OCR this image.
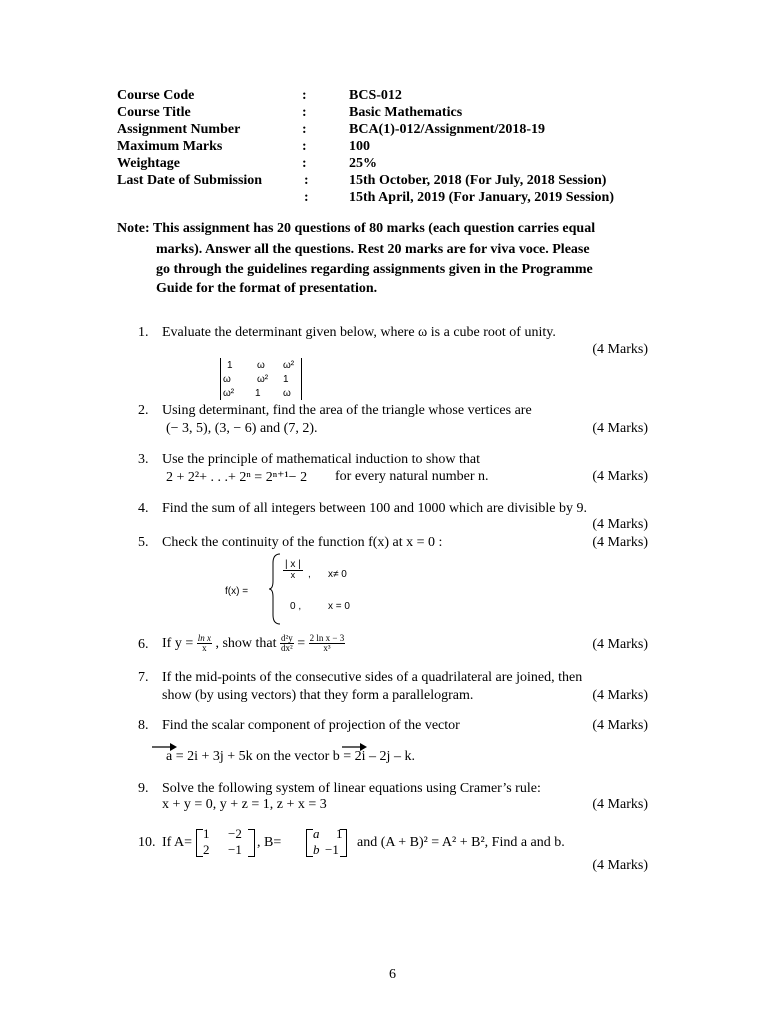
Course Code	:	BCS-012
Course Title	:	Basic Mathematics
Assignment Number	:	BCA(1)-012/Assignment/2018-19
Maximum Marks	:	100
Weightage	:	25%
Last Date of Submission	:	15th October, 2018 (For July, 2018 Session)
:	15th April, 2019 (For January, 2019 Session)
Note: This assignment has 20 questions of 80 marks (each question carries equal
marks). Answer all the questions. Rest 20 marks are for viva voce. Please
go through the guidelines regarding assignments given in the Programme
Guide for the format of presentation.
1. Evaluate the determinant given below, where ω is a cube root of unity.
(4 Marks)
1 ω ω²
ω	ω² 1
ω² 1 ω
2. Using determinant, find the area of the triangle whose vertices are
(− 3, 5), (3, − 6) and (7, 2).	(4 Marks)
3. Use the principle of mathematical induction to show that
2 + 2²+ . . .+ 2ⁿ = 2ⁿ⁺¹− 2 for every natural number n.	(4 Marks)
4. Find the sum of all integers between 100 and 1000 which are divisible by 9.
(4 Marks)
5. Check the continuity of the function f(x) at x = 0 :	(4 Marks)
f(x) =
$\frac{| x |}{x}$ , x≠ 0
0 ,	x = 0
6. If $y = \frac{\text{ln x}}{x}$ , show that $\frac{\text{d²y}}{\text{dx²}} = \frac{\text{2 ln x − 3}}{\text{x³}}$	(4 Marks)
7. If the mid-points of the consecutive sides of a quadrilateral are joined, then
show (by using vectors) that they form a parallelogram.	(4 Marks)
8. Find the scalar component of projection of the vector	(4 Marks)
a = 2i + 3j + 5k on the vector b = 2i – 2j – k.
9. Solve the following system of linear equations using Cramer’s rule:
x + y = 0, y + z = 1, z + x = 3	(4 Marks)
10. If A=
1 −2
2 −1 , B=
a 1
b −1 and (A + B)² = A² + B², Find a and b.
(4 Marks)
6
